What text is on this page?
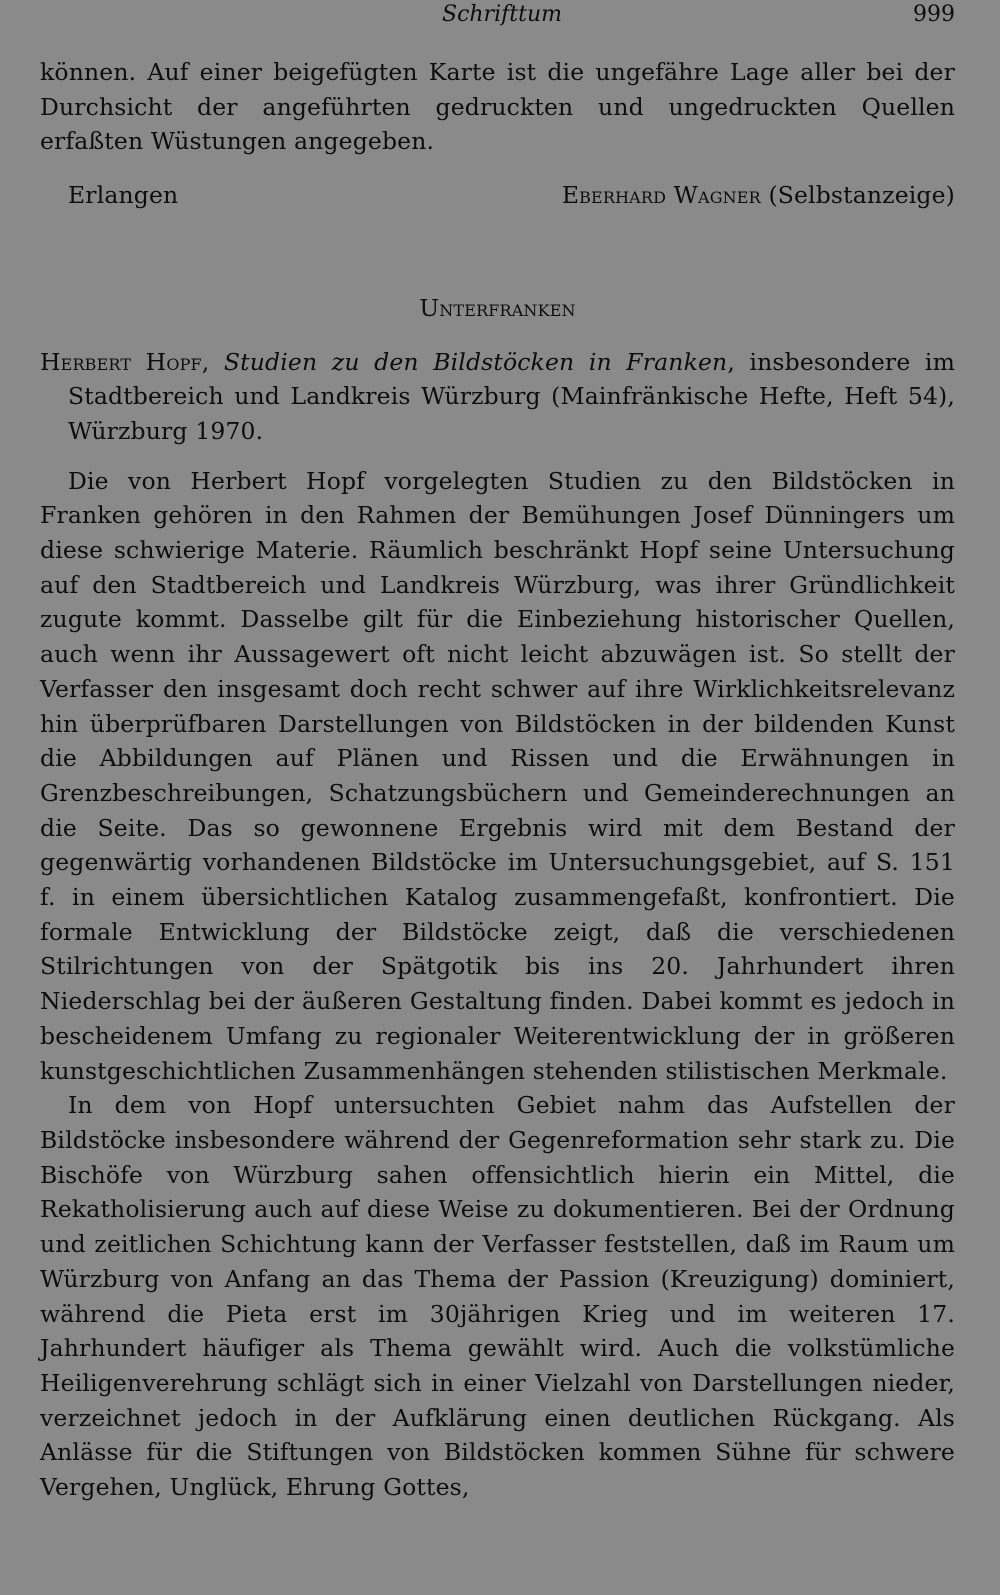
Schrifttum	999

können. Auf einer beigefügten Karte ist die ungefähre Lage aller bei der Durchsicht der angeführten gedruckten und ungedruckten Quellen erfaßten Wüstungen angegeben.

Erlangen	Eberhard Wagner (Selbstanzeige)
Unterfranken

Herbert Hopf, Studien zu den Bildstöcken in Franken, insbesondere im Stadtbereich und Landkreis Würzburg (Mainfränkische Hefte, Heft 54), Würzburg 1970.

Die von Herbert Hopf vorgelegten Studien zu den Bildstöcken in Franken gehören in den Rahmen der Bemühungen Josef Dünningers um diese schwierige Materie. Räumlich beschränkt Hopf seine Untersuchung auf den Stadtbereich und Landkreis Würzburg, was ihrer Gründlichkeit zugute kommt. Dasselbe gilt für die Einbeziehung historischer Quellen, auch wenn ihr Aussagewert oft nicht leicht abzuwägen ist. So stellt der Verfasser den insgesamt doch recht schwer auf ihre Wirklichkeitsrelevanz hin überprüfbaren Darstellungen von Bildstöcken in der bildenden Kunst die Abbildungen auf Plänen und Rissen und die Erwähnungen in Grenzbeschreibungen, Schatzungsbüchern und Gemeinderechnungen an die Seite. Das so gewonnene Ergebnis wird mit dem Bestand der gegenwärtig vorhandenen Bildstöcke im Untersuchungsgebiet, auf S. 151 f. in einem übersichtlichen Katalog zusammengefaßt, konfrontiert. Die formale Entwicklung der Bildstöcke zeigt, daß die verschiedenen Stilrichtungen von der Spätgotik bis ins 20. Jahrhundert ihren Niederschlag bei der äußeren Gestaltung finden. Dabei kommt es jedoch in bescheidenem Umfang zu regionaler Weiterentwicklung der in größeren kunstgeschichtlichen Zusammenhängen stehenden stilistischen Merkmale.

In dem von Hopf untersuchten Gebiet nahm das Aufstellen der Bildstöcke insbesondere während der Gegenreformation sehr stark zu. Die Bischöfe von Würzburg sahen offensichtlich hierin ein Mittel, die Rekatholisierung auch auf diese Weise zu dokumentieren. Bei der Ordnung und zeitlichen Schichtung kann der Verfasser feststellen, daß im Raum um Würzburg von Anfang an das Thema der Passion (Kreuzigung) dominiert, während die Pieta erst im 30jährigen Krieg und im weiteren 17. Jahrhundert häufiger als Thema gewählt wird. Auch die volkstümliche Heiligenverehrung schlägt sich in einer Vielzahl von Darstellungen nieder, verzeichnet jedoch in der Aufklärung einen deutlichen Rückgang. Als Anlässe für die Stiftungen von Bildstöcken kommen Sühne für schwere Vergehen, Unglück, Ehrung Gottes,
